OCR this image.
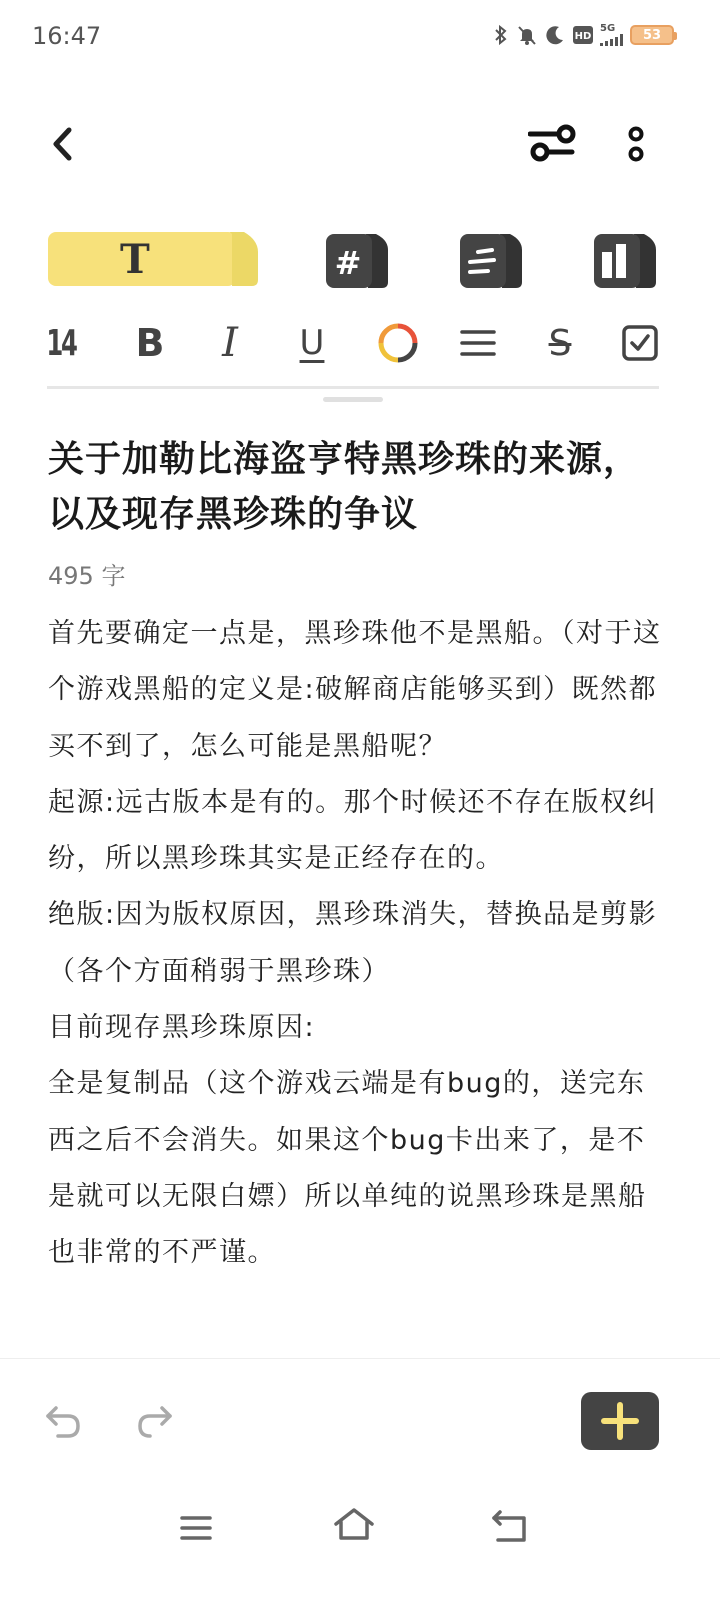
16:47	HD
5G 53
T	#
14 B I U	S
关于加勒比海盗亨特黑珍珠的来源，以及现存黑珍珠的争议
495 字

首先要确定一点是，黑珍珠他不是黑船。（对于这个游戏黑船的定义是:破解商店能够买到）既然都买不到了，怎么可能是黑船呢？

起源:远古版本是有的。那个时候还不存在版权纠纷，所以黑珍珠其实是正经存在的。

绝版:因为版权原因，黑珍珠消失，替换品是剪影（各个方面稍弱于黑珍珠）

目前现存黑珍珠原因:

全是复制品（这个游戏云端是有bug的，送完东西之后不会消失。如果这个bug卡出来了，是不是就可以无限白嫖）所以单纯的说黑珍珠是黑船也非常的不严谨。
